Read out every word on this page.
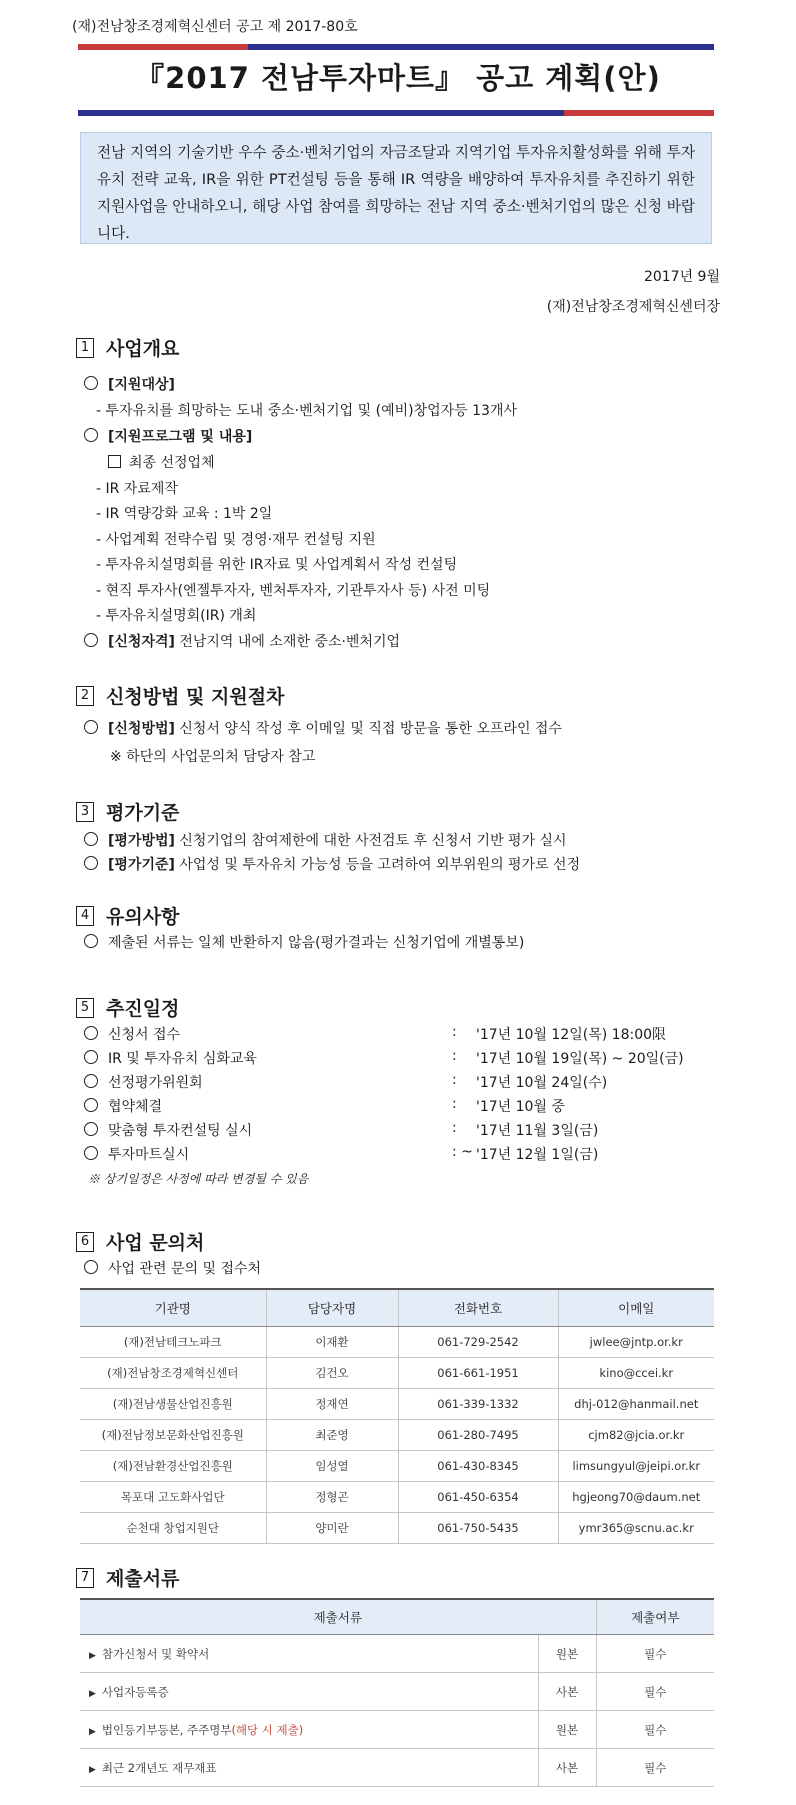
(재)전남창조경제혁신센터 공고 제 2017-80호
『2017 전남투자마트』 공고 계획(안)
전남 지역의 기술기반 우수 중소·벤처기업의 자금조달과 지역기업 투자유치활성화를 위해 투자유치 전략 교육, IR을 위한 PT컨설팅 등을 통해 IR 역량을 배양하여 투자유치를 추진하기 위한 지원사업을 안내하오니, 해당 사업 참여를 희망하는 전남 지역 중소·벤처기업의 많은 신청 바랍니다.
2017년 9월
(재)전남창조경제혁신센터장
1 사업개요
[지원대상]
- 투자유치를 희망하는 도내 중소·벤처기업 및 (예비)창업자등 13개사
[지원프로그램 및 내용]
최종 선정업체
- IR 자료제작
- IR 역량강화 교육 : 1박 2일
- 사업계획 전략수립 및 경영·재무 컨설팅 지원
- 투자유치설명회를 위한 IR자료 및 사업계획서 작성 컨설팅
- 현직 투자사(엔젤투자자, 벤처투자자, 기관투자사 등) 사전 미팅
- 투자유치설명회(IR) 개최
[신청자격] 전남지역 내에 소재한 중소·벤처기업
2 신청방법 및 지원절차
[신청방법] 신청서 양식 작성 후 이메일 및 직접 방문을 통한 오프라인 접수
※ 하단의 사업문의처 담당자 참고
3 평가기준
[평가방법] 신청기업의 참여제한에 대한 사전검토 후 신청서 기반 평가 실시
[평가기준] 사업성 및 투자유치 가능성 등을 고려하여 외부위원의 평가로 선정
4 유의사항
제출된 서류는 일체 반환하지 않음(평가결과는 신청기업에 개별통보)
5 추진일정
신청서 접수	: '17년 10월 12일(목) 18:00限
IR 및 투자유치 심화교육	: '17년 10월 19일(목) ~ 20일(금)
선정평가위원회	: '17년 10월 24일(수)
협약체결	: '17년 10월 중
맞춤형 투자컨설팅 실시	: '17년 11월 3일(금)
투자마트실시	: ~ '17년 12월 1일(금)
※ 상기일정은 사정에 따라 변경될 수 있음
6 사업 문의처
사업 관련 문의 및 접수처
기관명	담당자명	전화번호	이메일
(재)전남테크노파크	이재환	061-729-2542	jwlee@jntp.or.kr
(재)전남창조경제혁신센터	김건오	061-661-1951	kino@ccei.kr
(재)전남생물산업진흥원	정재연	061-339-1332	dhj-012@hanmail.net
(재)전남정보문화산업진흥원	최준영	061-280-7495	cjm82@jcia.or.kr
(재)전남환경산업진흥원	임성열	061-430-8345	limsungyul@jeipi.or.kr
목포대 고도화사업단	정형곤	061-450-6354	hgjeong70@daum.net
순천대 창업지원단	양미란	061-750-5435	ymr365@scnu.ac.kr
7 제출서류
제출서류		제출여부
▶ 참가신청서 및 확약서	원본	필수
▶ 사업자등록증	사본	필수
▶ 법인등기부등본, 주주명부(해당 시 제출)	원본	필수
▶ 최근 2개년도 재무재표	사본	필수
